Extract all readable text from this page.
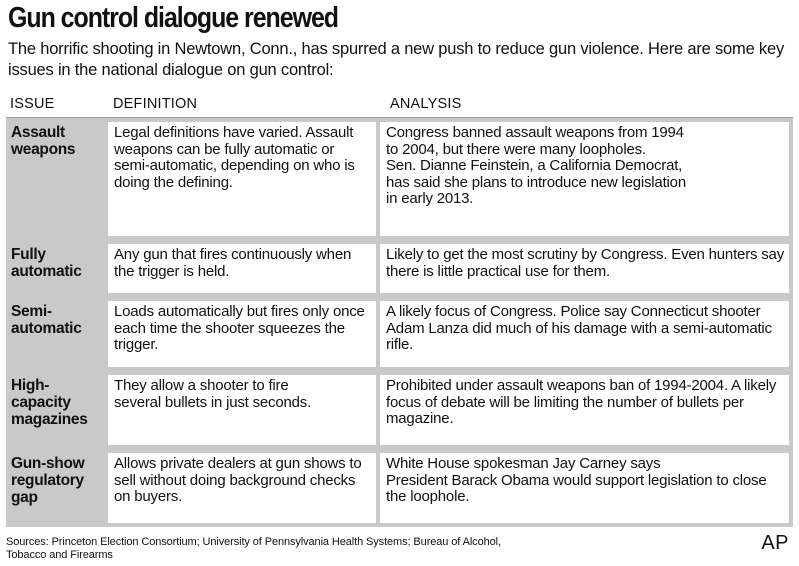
Gun control dialogue renewed
The horrific shooting in Newtown, Conn., has spurred a new push to reduce gun violence. Here are some key issues in the national dialogue on gun control:
ISSUE	DEFINITION	ANALYSIS
Assault
weapons
Legal definitions have varied. Assault weapons can be fully automatic or semi-automatic, depending on who is doing the defining.
Congress banned assault weapons from 1994
to 2004, but there were many loopholes.
Sen. Dianne Feinstein, a California Democrat,
has said she plans to introduce new legislation
in early 2013.
Fully
automatic
Any gun that fires continuously when the trigger is held.
Likely to get the most scrutiny by Congress. Even hunters say there is little practical use for them.
Semi-
automatic
Loads automatically but fires only once each time the shooter squeezes the trigger.
A likely focus of Congress. Police say Connecticut shooter Adam Lanza did much of his damage with a semi-automatic rifle.
High-
capacity
magazines
They allow a shooter to fire
several bullets in just seconds.
Prohibited under assault weapons ban of 1994-2004. A likely focus of debate will be limiting the number of bullets per magazine.
Gun-show
regulatory
gap
Allows private dealers at gun shows to sell without doing background checks on buyers.
White House spokesman Jay Carney says
President Barack Obama would support legislation to close the loophole.
Sources: Princeton Election Consortium; University of Pennsylvania Health Systems; Bureau of Alcohol, Tobacco and Firearms
AP
